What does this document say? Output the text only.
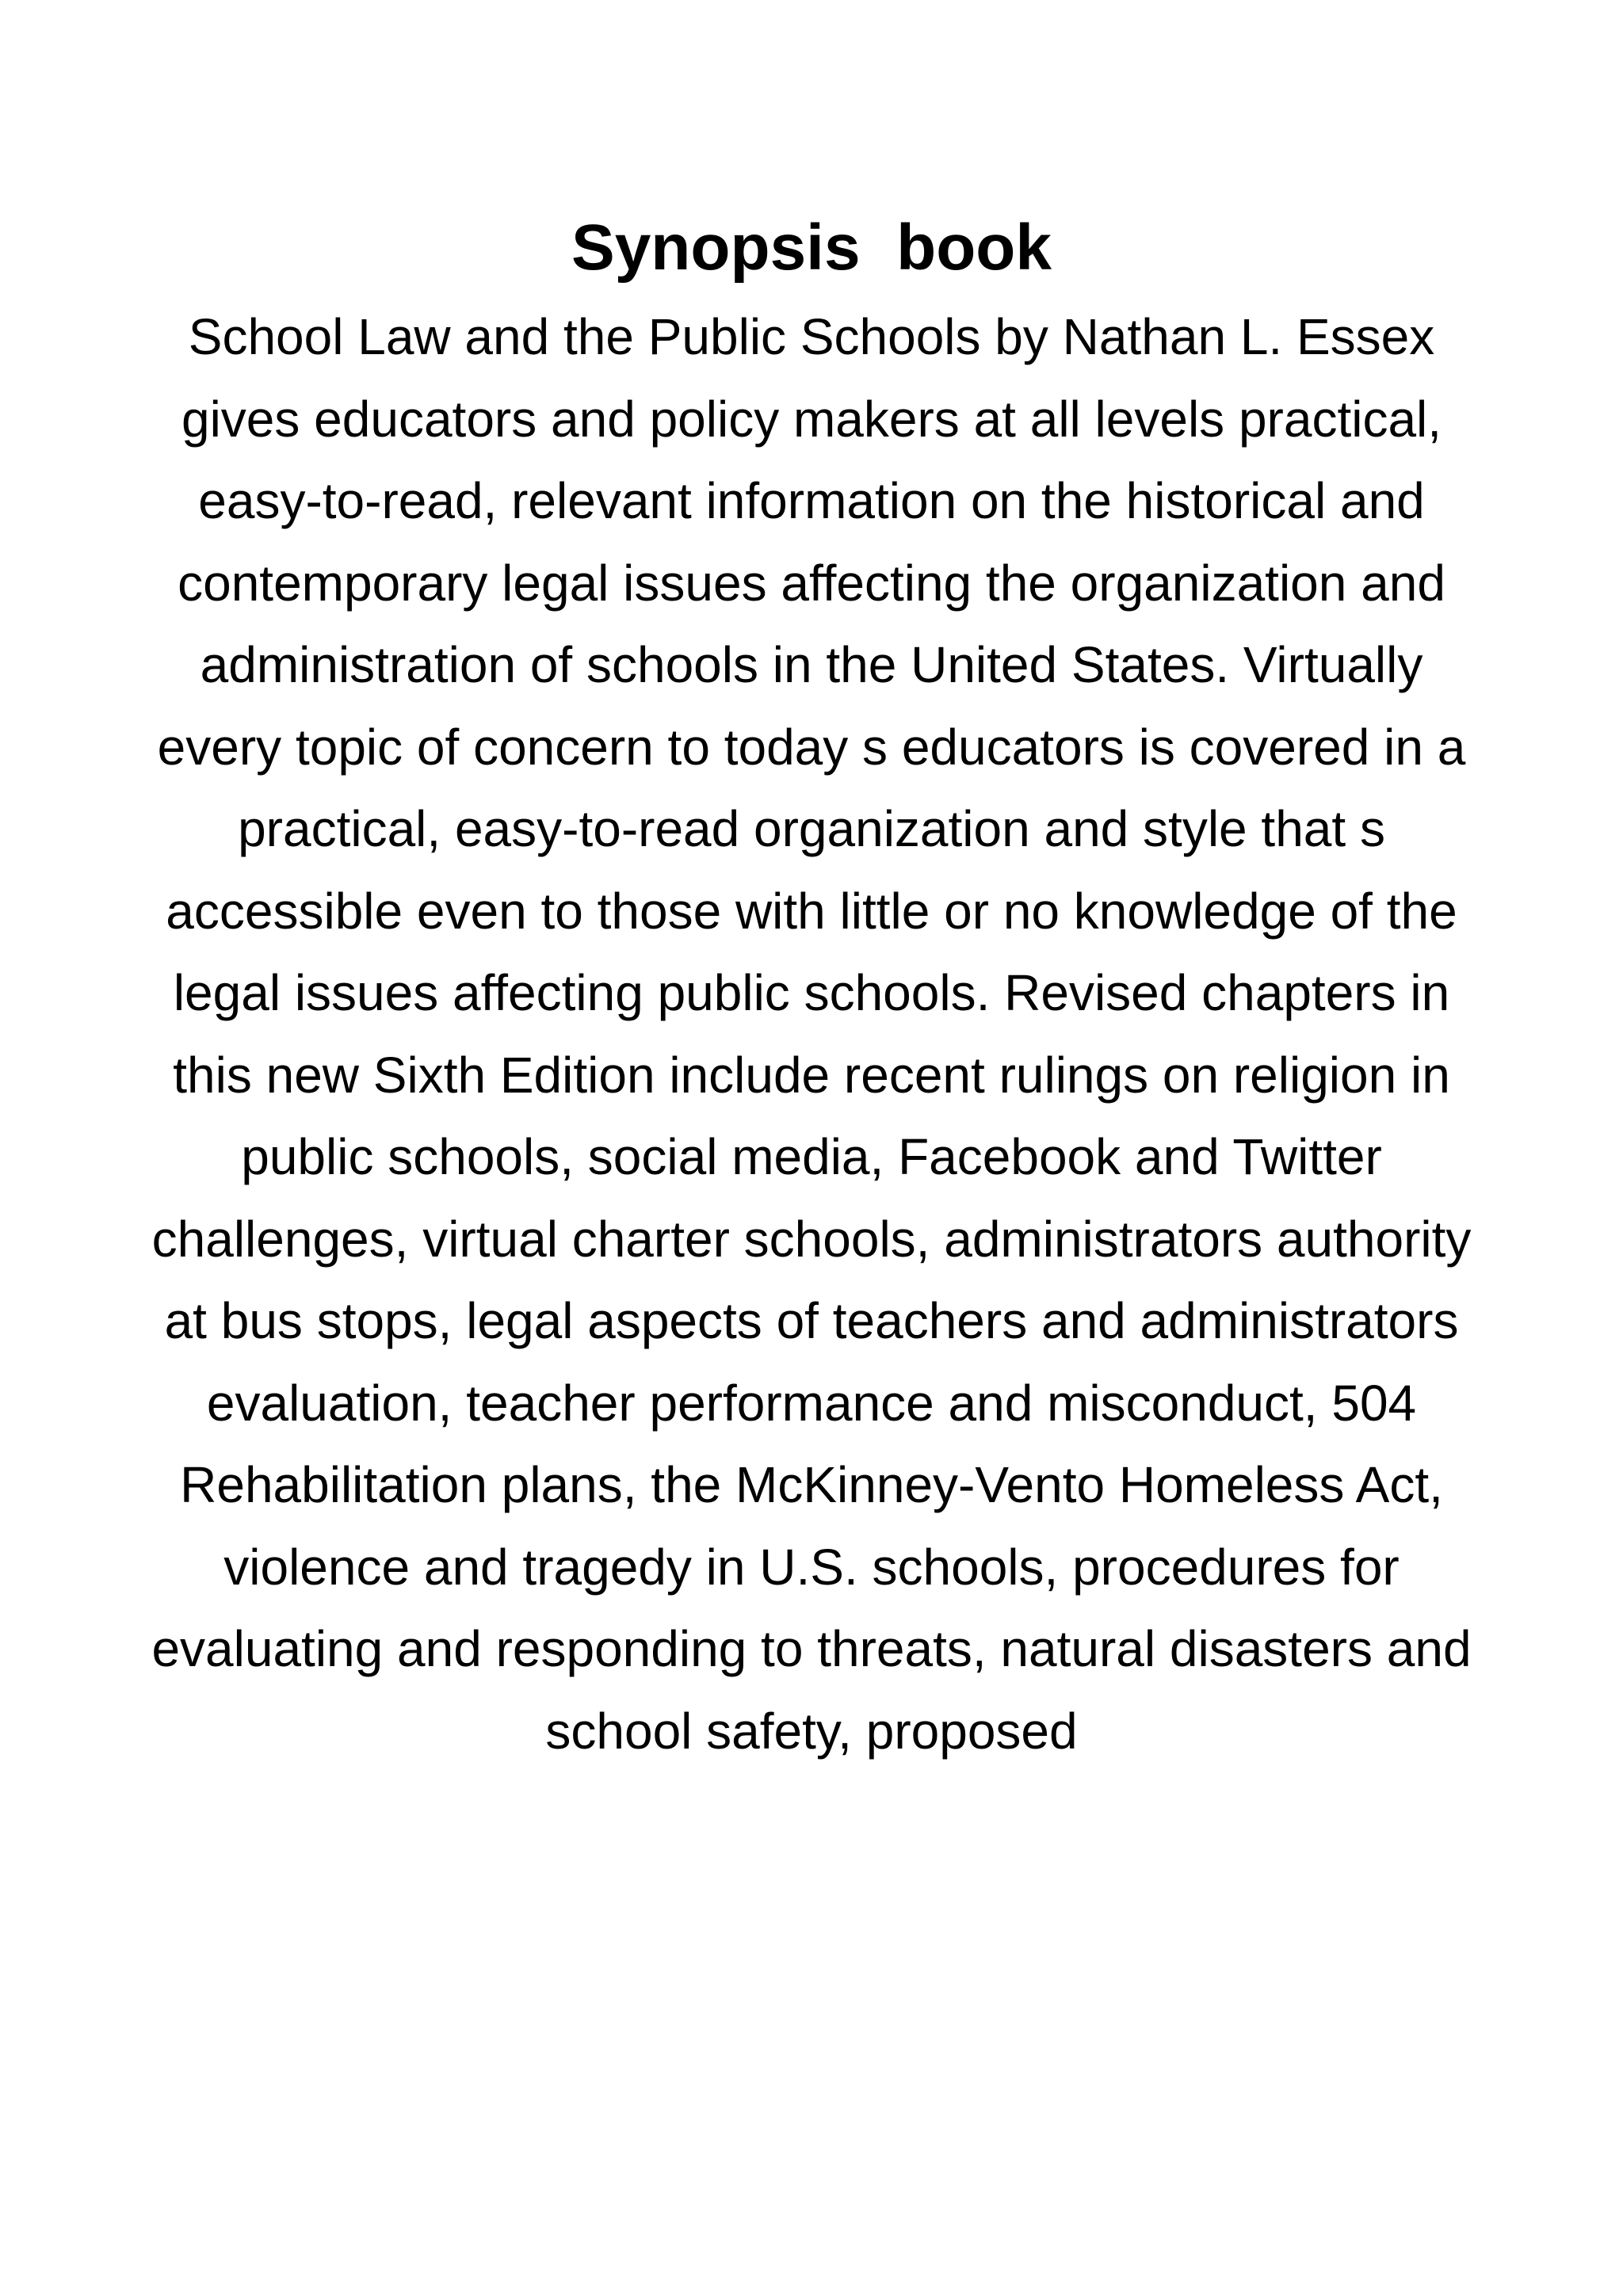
Synopsis  book
School Law and the Public Schools by Nathan L. Essex
gives educators and policy makers at all levels practical,
easy-to-read, relevant information on the historical and
contemporary legal issues affecting the organization and
administration of schools in the United States. Virtually
every topic of concern to today s educators is covered in a
practical, easy-to-read organization and style that s
accessible even to those with little or no knowledge of the
legal issues affecting public schools. Revised chapters in
this new Sixth Edition include recent rulings on religion in
public schools, social media, Facebook and Twitter
challenges, virtual charter schools, administrators authority
at bus stops, legal aspects of teachers and administrators
evaluation, teacher performance and misconduct, 504
Rehabilitation plans, the McKinney-Vento Homeless Act,
violence and tragedy in U.S. schools, procedures for
evaluating and responding to threats, natural disasters and
school safety, proposed
